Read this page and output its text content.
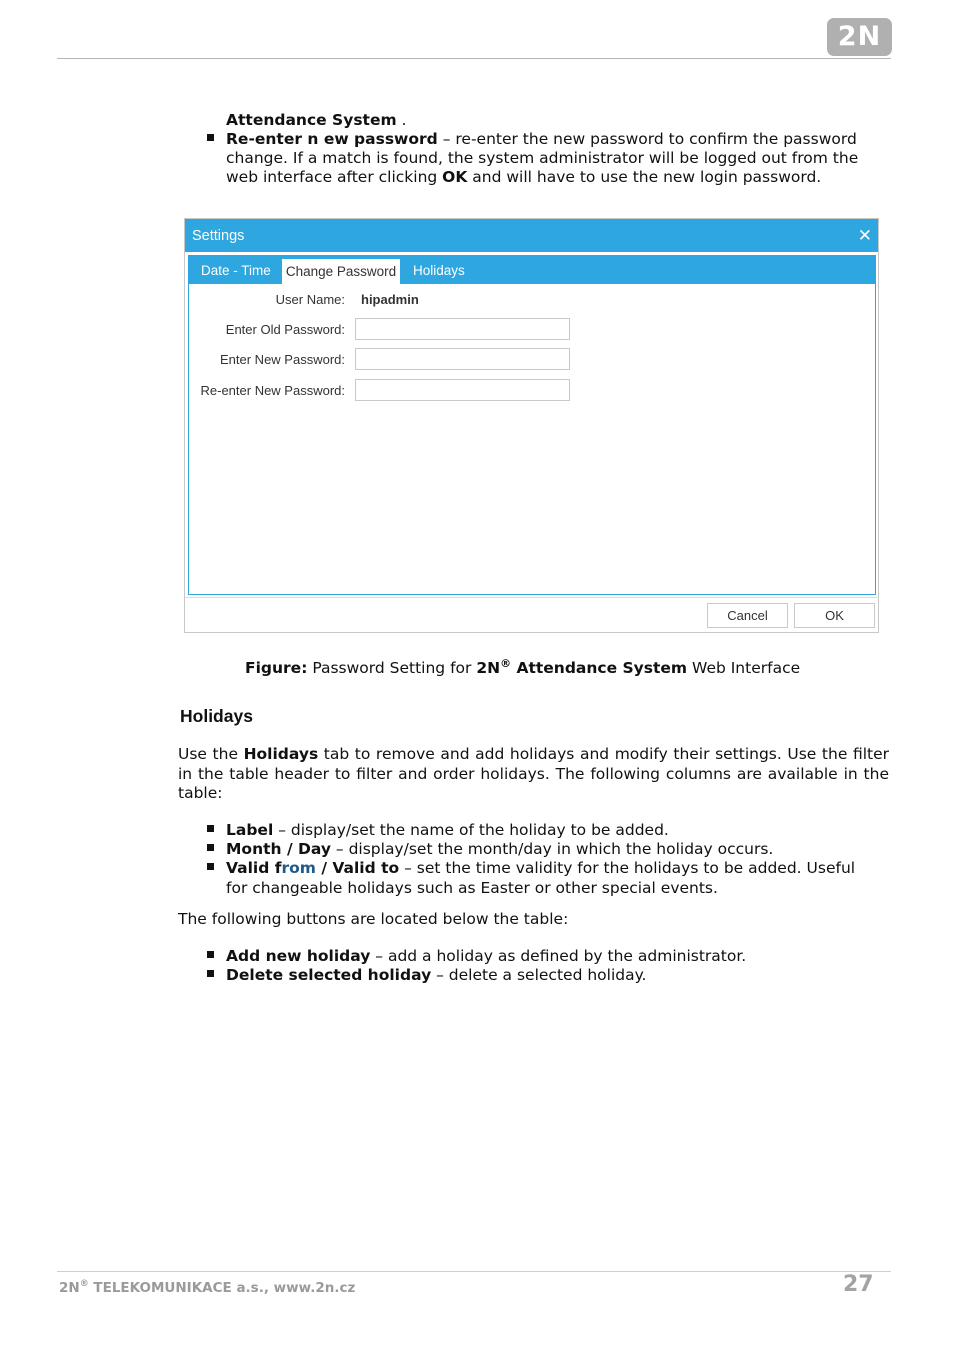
2N
Attendance System .
Re-enter n ew password – re-enter the new password to confirm the password
change. If a match is found, the system administrator will be logged out from the
web interface after clicking OK and will have to use the new login password.
Settings	✕
Date - Time Change Password Holidays
User Name: hipadmin
Enter Old Password:
Enter New Password:
Re-enter New Password:
Cancel	OK
Figure: Password Setting for 2N® Attendance System Web Interface
Holidays
Use the Holidays tab to remove and add holidays and modify their settings. Use the filter in the table header to filter and order holidays. The following columns are available in the table:
Label – display/set the name of the holiday to be added.
Month / Day – display/set the month/day in which the holiday occurs.
Valid from / Valid to – set the time validity for the holidays to be added. Useful
for changeable holidays such as Easter or other special events.
The following buttons are located below the table:
Add new holiday – add a holiday as defined by the administrator.
Delete selected holiday – delete a selected holiday.
2N® TELEKOMUNIKACE a.s., www.2n.cz	27
